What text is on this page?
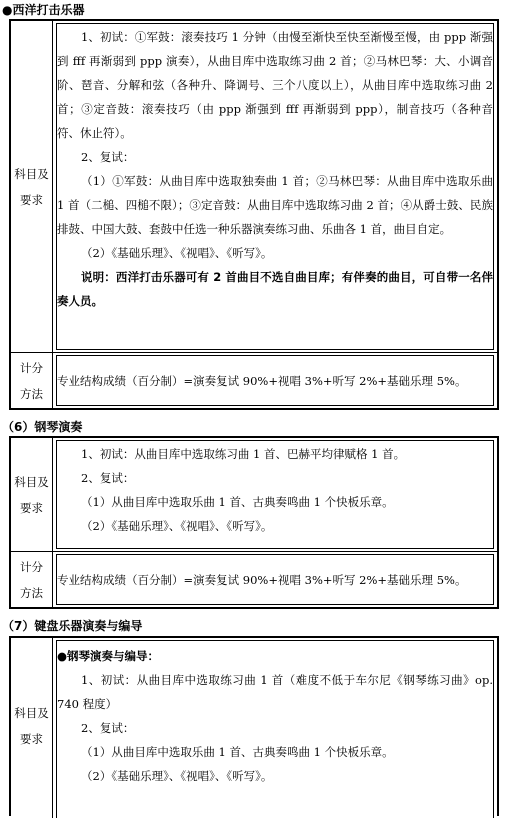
●西洋打击乐器
科目及
要求

1、初试：①军鼓：滚奏技巧 1 分钟（由慢至渐快至快至渐慢至慢，由 ppp 渐强到 fff 再渐弱到 ppp 演奏），从曲目库中选取练习曲 2 首；②马林巴琴：大、小调音阶、琶音、分解和弦（各种升、降调号、三个八度以上），从曲目库中选取练习曲 2 首；③定音鼓：滚奏技巧（由 ppp 渐强到 fff 再渐弱到 ppp），制音技巧（各种音符、休止符）。

2、复试：

（1）①军鼓：从曲目库中选取独奏曲 1 首；②马林巴琴：从曲目库中选取乐曲 1 首（二槌、四槌不限）；③定音鼓：从曲目库中选取练习曲 2 首；④从爵士鼓、民族排鼓、中国大鼓、套鼓中任选一种乐器演奏练习曲、乐曲各 1 首，曲目自定。

（2）《基础乐理》、《视唱》、《听写》。

说明：西洋打击乐器可有 2 首曲目不选自曲目库；有伴奏的曲目，可自带一名伴奏人员。

计分
方法
专业结构成绩（百分制）=演奏复试 90%+视唱 3%+听写 2%+基础乐理 5%。
（6）钢琴演奏
科目及
要求

1、初试：从曲目库中选取练习曲 1 首、巴赫平均律赋格 1 首。

2、复试：

（1）从曲目库中选取乐曲 1 首、古典奏鸣曲 1 个快板乐章。

（2）《基础乐理》、《视唱》、《听写》。

计分
方法
专业结构成绩（百分制）=演奏复试 90%+视唱 3%+听写 2%+基础乐理 5%。
（7）键盘乐器演奏与编导
科目及
要求

●钢琴演奏与编导：

1、初试：从曲目库中选取练习曲 1 首（难度不低于车尔尼《钢琴练习曲》op. 740 程度）

2、复试：

（1）从曲目库中选取乐曲 1 首、古典奏鸣曲 1 个快板乐章。

（2）《基础乐理》、《视唱》、《听写》。
